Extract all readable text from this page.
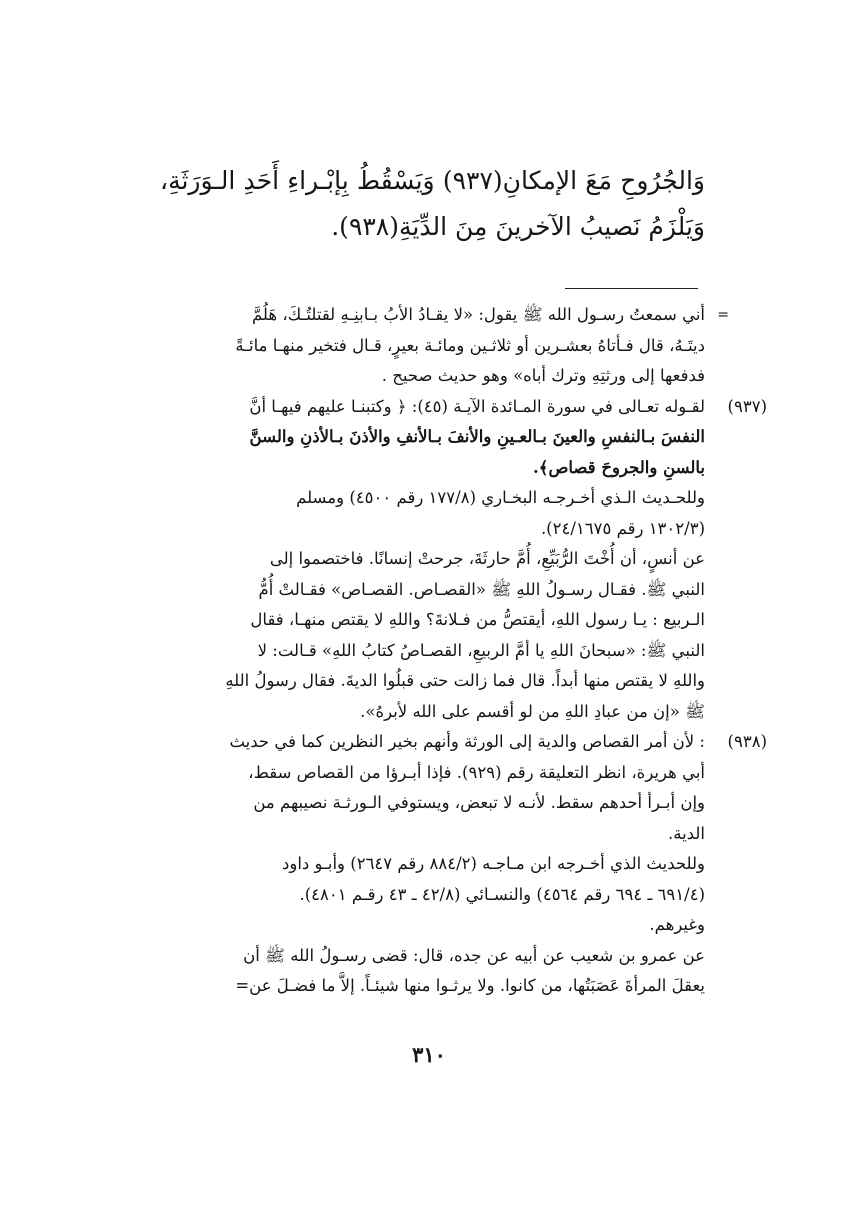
وَالجُرُوحِ مَعَ الإمكانِ(٩٣٧) وَيَسْقُطُ بِإبْـراءِ أَحَدِ الـوَرَثَةِ، وَيَلْزَمُ نَصيبُ الآخرينَ مِنَ الدِّيَةِ(٩٣٨).
=
أني سمعتُ رسـول الله ﷺ يقول: «لا يقـادُ الأبُ بـابنِـهِ لقتلتُـكَ، هَلُمَّ
ديتَـهُ، قال فـأتاهُ بعشـرين أو ثلاثـين ومائـة بعيرٍ، قـال فتخير منهـا مائـةً
فدفعها إلى ورثتِهِ وترك أباه» وهو حديث صحيح .
(٩٣٧)
لقـوله تعـالى في سورة المـائدة الآيـة (٤٥): ﴿ وكتبنـا عليهم فيهـا أنَّ
النفسَ بـالنفسِ والعينَ بـالعـينِ والأنفَ بـالأنفِ والأذنَ بـالأذنِ والسنَّ
بالسنِ والجروحَ قصاص﴾.
وللحـديث الـذي أخـرجـه البخـاري (١٧٧/٨ رقم ٤٥٠٠) ومسلم
(١٣٠٢/٣ رقم ٢٤/١٦٧٥).
عن أنسٍ، أن أُخْتَ الرُّبَيِّعِ، أُمَّ حارثَةَ، جرحتْ إنسانًا. فاختصموا إلى
النبي ﷺ. فقـال رسـولُ اللهِ ﷺ «القصـاص. القصـاص» فقـالتْ أُمُّ
الـربيع : يـا رسول اللهِ، أيقتصُّ من فـلانةَ؟ واللهِ لا يقتص منهـا، فقال
النبي ﷺ: «سبحانَ اللهِ يا أمَّ الربيعِ، القصـاصُ كتابُ اللهِ» قـالت: لا
واللهِ لا يقتص منها أبداً. قال فما زالت حتى قبلُوا الديةَ. فقال رسولُ اللهِ
ﷺ «إن من عبادِ اللهِ من لو أقسم على الله لأبرهُ».
(٩٣٨)
: لأن أمر القصاص والدية إلى الورثة وأنهم بخير النظرين كما في حديث
أبي هريرة، انظر التعليقة رقم (٩٢٩). فإذا أبـرؤا من القصاص سقط،
وإن أبـرأ أحدهم سقط. لأنـه لا تبعض، ويستوفي الـورثـة نصيبهم من
الدية.
وللحديث الذي أخـرجه ابن مـاجـه (٨٨٤/٢ رقم ٢٦٤٧) وأبـو داود
(٦٩١/٤ ـ ٦٩٤ رقم ٤٥٦٤) والنسـائي (٤٢/٨ ـ ٤٣ رقـم ٤٨٠١).
وغيرهم.
عن عمرو بن شعيب عن أبيه عن جده، قال: قضى رسـولُ الله ﷺ أن
يعقلَ المرأةَ عَصَبَتُها، من كانوا. ولا يرثـوا منها شيئـاً. إلاَّ ما فضـلَ عن=
٣١٠
